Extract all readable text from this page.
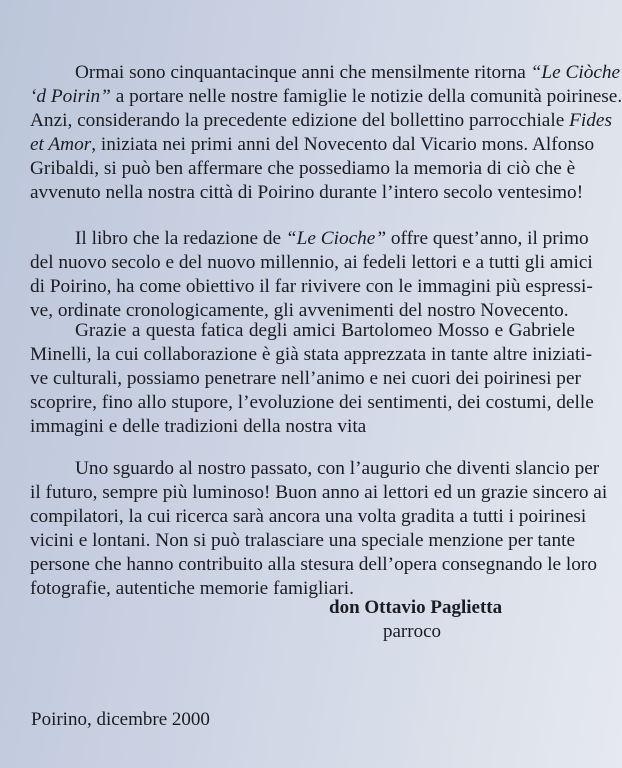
Ormai sono cinquantacinque anni che mensilmente ritorna “Le Ciòche
‘d Poirin” a portare nelle nostre famiglie le notizie della comunità poirinese.
Anzi, considerando la precedente edizione del bollettino parrocchiale Fides
et Amor, iniziata nei primi anni del Novecento dal Vicario mons. Alfonso
Gribaldi, si può ben affermare che possediamo la memoria di ciò che è
avvenuto nella nostra città di Poirino durante l’intero secolo ventesimo!
Il libro che la redazione de “Le Cioche” offre quest’anno, il primo
del nuovo secolo e del nuovo millennio, ai fedeli lettori e a tutti gli amici
di Poirino, ha come obiettivo il far rivivere con le immagini più espressi-
ve, ordinate cronologicamente, gli avvenimenti del nostro Novecento.
Grazie a questa fatica degli amici Bartolomeo Mosso e Gabriele
Minelli, la cui collaborazione è già stata apprezzata in tante altre iniziati-
ve culturali, possiamo penetrare nell’animo e nei cuori dei poirinesi per
scoprire, fino allo stupore, l’evoluzione dei sentimenti, dei costumi, delle
immagini e delle tradizioni della nostra vita
Uno sguardo al nostro passato, con l’augurio che diventi slancio per
il futuro, sempre più luminoso! Buon anno ai lettori ed un grazie sincero ai
compilatori, la cui ricerca sarà ancora una volta gradita a tutti i poirinesi
vicini e lontani. Non si può tralasciare una speciale menzione per tante
persone che hanno contribuito alla stesura dell’opera consegnando le loro
fotografie, autentiche memorie famigliari.
don Ottavio Paglietta
parroco
Poirino, dicembre 2000
